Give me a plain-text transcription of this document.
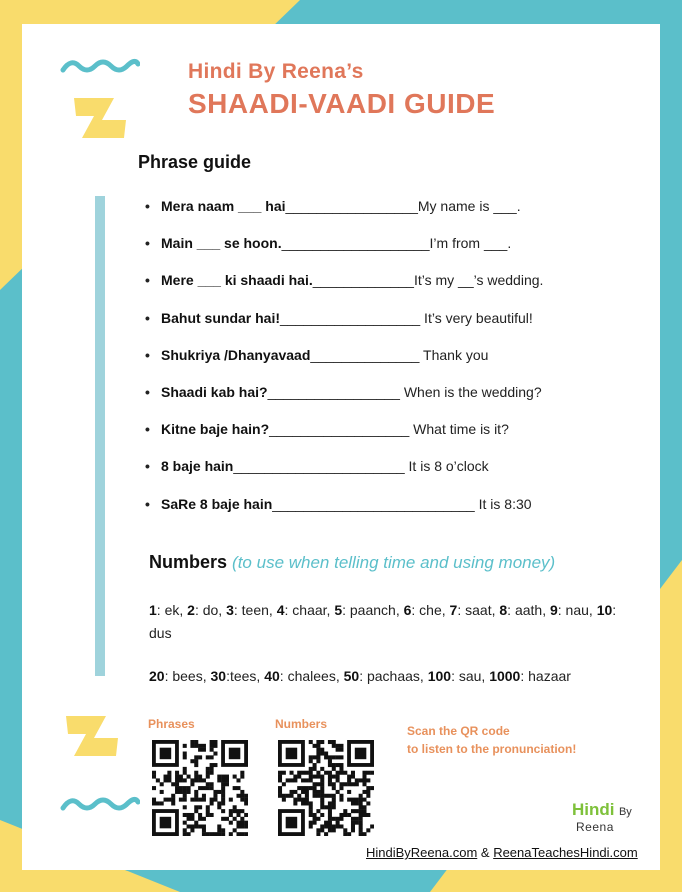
Hindi By Reena’s
SHAADI-VAADI GUIDE
Phrase guide
• Mera naam ___ hai _________________My name is ___.
• Main ___ se hoon. ___________________I’m from ___.
• Mere ___ ki shaadi hai. _____________It’s my __’s wedding.
• Bahut sundar hai! __________________ It’s very beautiful!
• Shukriya /Dhanyavaad ______________ Thank you
• Shaadi kab hai? _________________ When is the wedding?
• Kitne baje hain? __________________ What time is it?
• 8 baje hain ______________________ It is 8 o’clock
• SaRe 8 baje hain __________________________ It is 8:30
Numbers (to use when telling time and using money)
1: ek, 2: do, 3: teen, 4: chaar, 5: paanch, 6: che, 7: saat, 8: aath, 9: nau, 10: dus
20: bees, 30:tees, 40: chalees, 50: pachaas, 100: sau, 1000: hazaar
Phrases	Numbers	Scan the QR code
to listen to the pronunciation!
Hindi By
Reena
HindiByReena.com & ReenaTeachesHindi.com
